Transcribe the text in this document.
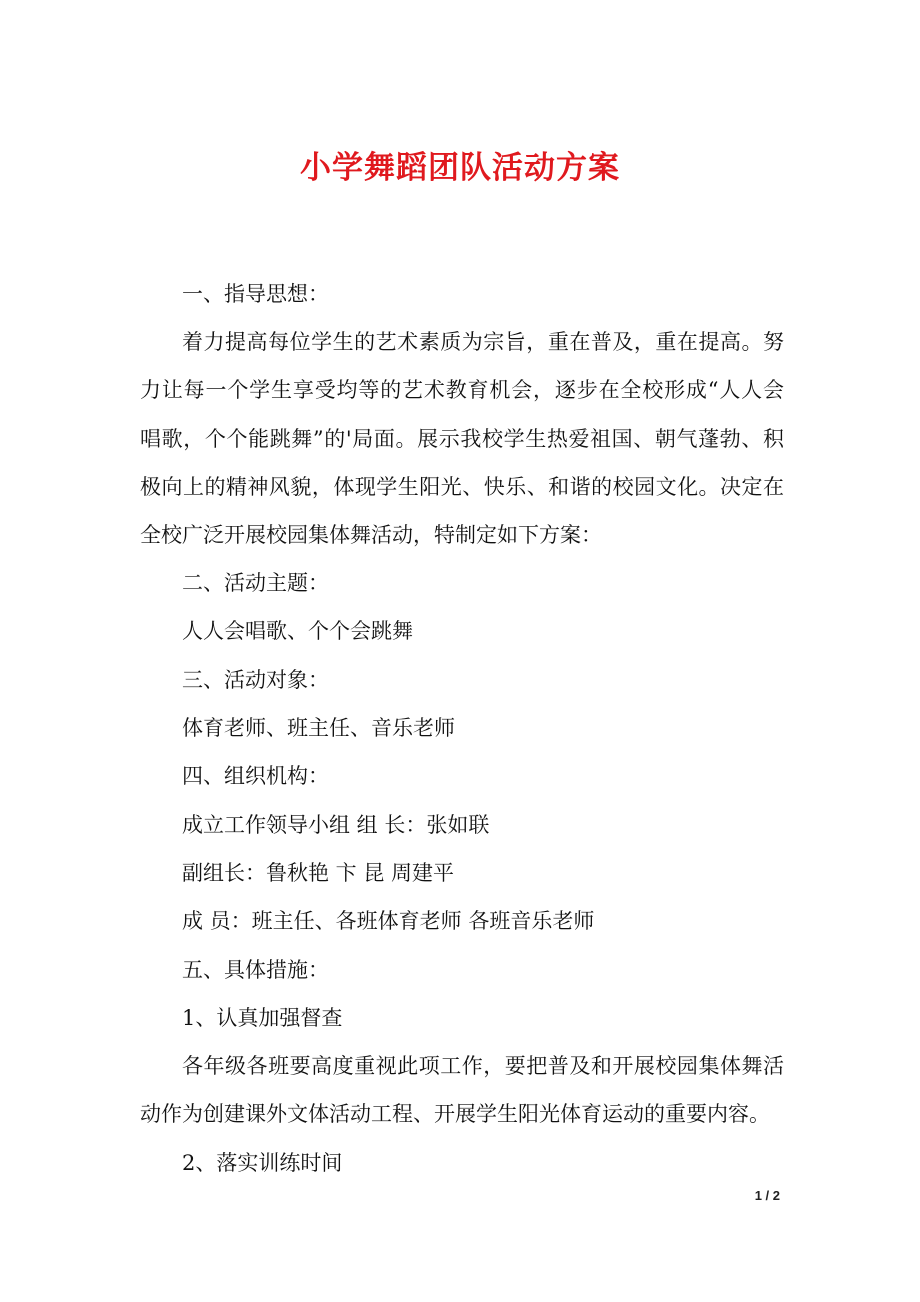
小学舞蹈团队活动方案
一、指导思想：
着力提高每位学生的艺术素质为宗旨，重在普及，重在提高。努
力让每一个学生享受均等的艺术教育机会，逐步在全校形成“人人会
唱歌，个个能跳舞”的'局面。展示我校学生热爱祖国、朝气蓬勃、积
极向上的精神风貌，体现学生阳光、快乐、和谐的校园文化。决定在
全校广泛开展校园集体舞活动，特制定如下方案：
二、活动主题：
人人会唱歌、个个会跳舞
三、活动对象：
体育老师、班主任、音乐老师
四、组织机构：
成立工作领导小组 组 长：张如联
副组长：鲁秋艳 卞 昆 周建平
成 员：班主任、各班体育老师 各班音乐老师
五、具体措施：
1、认真加强督查
各年级各班要高度重视此项工作，要把普及和开展校园集体舞活
动作为创建课外文体活动工程、开展学生阳光体育运动的重要内容。
2、落实训练时间
1 / 2
